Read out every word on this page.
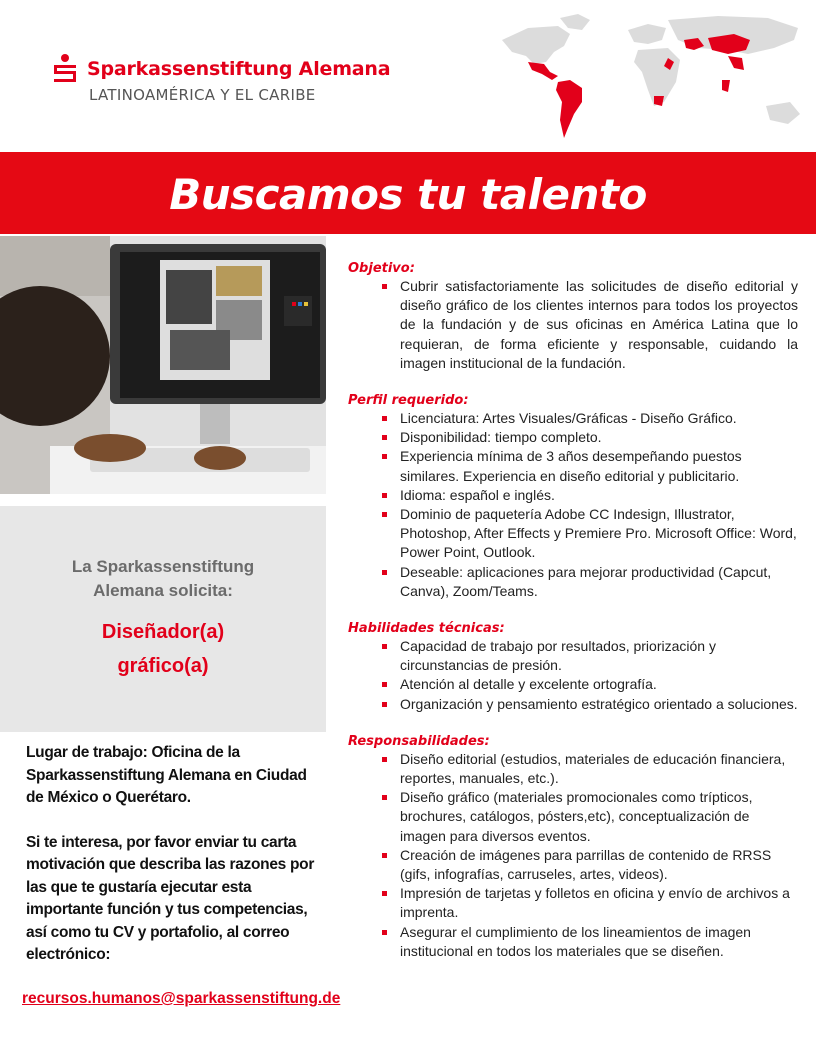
Sparkassenstiftung Alemana
LATINOAMÉRICA Y EL CARIBE
Buscamos tu talento
La Sparkassenstiftung
Alemana solicita:
Diseñador(a)
gráfico(a)

Lugar de trabajo: Oficina de la Sparkassenstiftung Alemana en Ciudad de México o Querétaro.

Si te interesa, por favor enviar tu carta motivación que describa las razones por las que te gustaría ejecutar esta importante función y tus competencias, así como tu CV y portafolio, al correo electrónico:

recursos.humanos@sparkassenstiftung.de
Objetivo:
Cubrir satisfactoriamente las solicitudes de diseño editorial y diseño gráfico de los clientes internos para todos los proyectos de la fundación y de sus oficinas en América Latina que lo requieran, de forma eficiente y responsable, cuidando la imagen institucional de la fundación.
Perfil requerido:
Licenciatura: Artes Visuales/Gráficas - Diseño Gráfico.
Disponibilidad: tiempo completo.
Experiencia mínima de 3 años desempeñando puestos similares. Experiencia en diseño editorial y publicitario.
Idioma: español e inglés.
Dominio de paquetería Adobe CC Indesign, Illustrator, Photoshop, After Effects y Premiere Pro. Microsoft Office: Word, Power Point, Outlook.
Deseable: aplicaciones para mejorar productividad (Capcut, Canva), Zoom/Teams.
Habilidades técnicas:
Capacidad de trabajo por resultados, priorización y circunstancias de presión.
Atención al detalle y excelente ortografía.
Organización y pensamiento estratégico orientado a soluciones.
Responsabilidades:
Diseño editorial (estudios, materiales de educación financiera, reportes, manuales, etc.).
Diseño gráfico (materiales promocionales como trípticos, brochures, catálogos, pósters,etc), conceptualización de imagen para diversos eventos.
Creación de imágenes para parrillas de contenido de RRSS (gifs, infografías, carruseles, artes, videos).
Impresión de tarjetas y folletos en oficina y envío de archivos a imprenta.
Asegurar el cumplimiento de los lineamientos de imagen institucional en todos los materiales que se diseñen.
